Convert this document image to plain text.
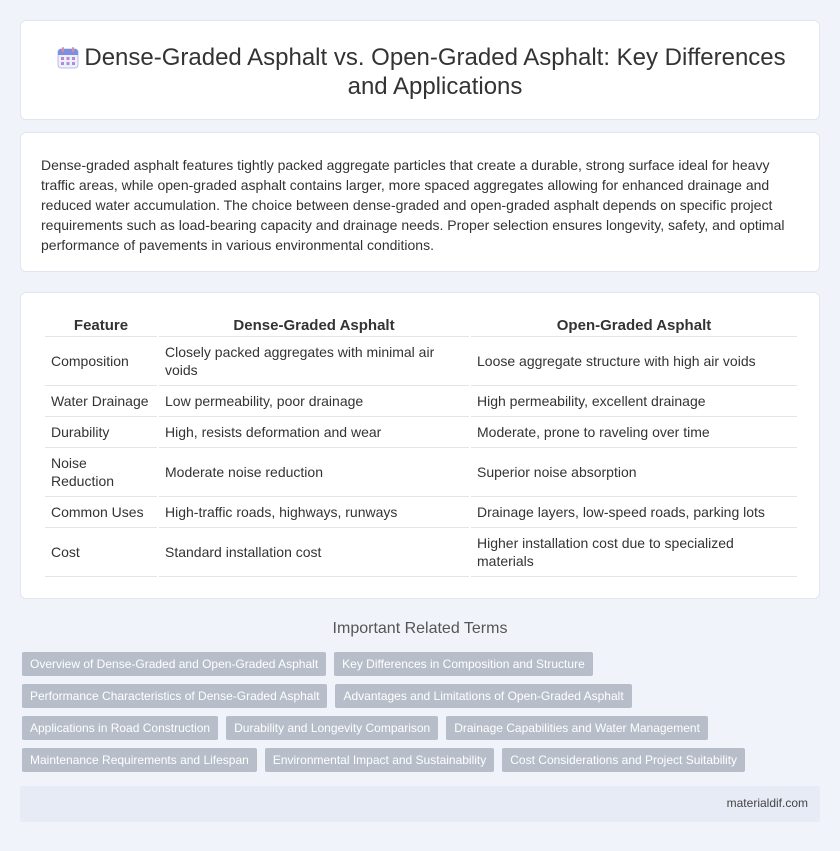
Dense-Graded Asphalt vs. Open-Graded Asphalt: Key Differences and Applications

Dense-graded asphalt features tightly packed aggregate particles that create a durable, strong surface ideal for heavy traffic areas, while open-graded asphalt contains larger, more spaced aggregates allowing for enhanced drainage and reduced water accumulation. The choice between dense-graded and open-graded asphalt depends on specific project requirements such as load-bearing capacity and drainage needs. Proper selection ensures longevity, safety, and optimal performance of pavements in various environmental conditions.

Feature	Dense-Graded Asphalt	Open-Graded Asphalt
Composition	Closely packed aggregates with minimal air voids	Loose aggregate structure with high air voids
Water Drainage	Low permeability, poor drainage	High permeability, excellent drainage
Durability	High, resists deformation and wear	Moderate, prone to raveling over time
Noise Reduction	Moderate noise reduction	Superior noise absorption
Common Uses	High-traffic roads, highways, runways	Drainage layers, low-speed roads, parking lots
Cost	Standard installation cost	Higher installation cost due to specialized materials
Important Related Terms
Overview of Dense-Graded and Open-Graded Asphalt	Key Differences in Composition and Structure
Performance Characteristics of Dense-Graded Asphalt	Advantages and Limitations of Open-Graded Asphalt
Applications in Road Construction	Durability and Longevity Comparison	Drainage Capabilities and Water Management
Maintenance Requirements and Lifespan	Environmental Impact and Sustainability	Cost Considerations and Project Suitability
materialdif.com
